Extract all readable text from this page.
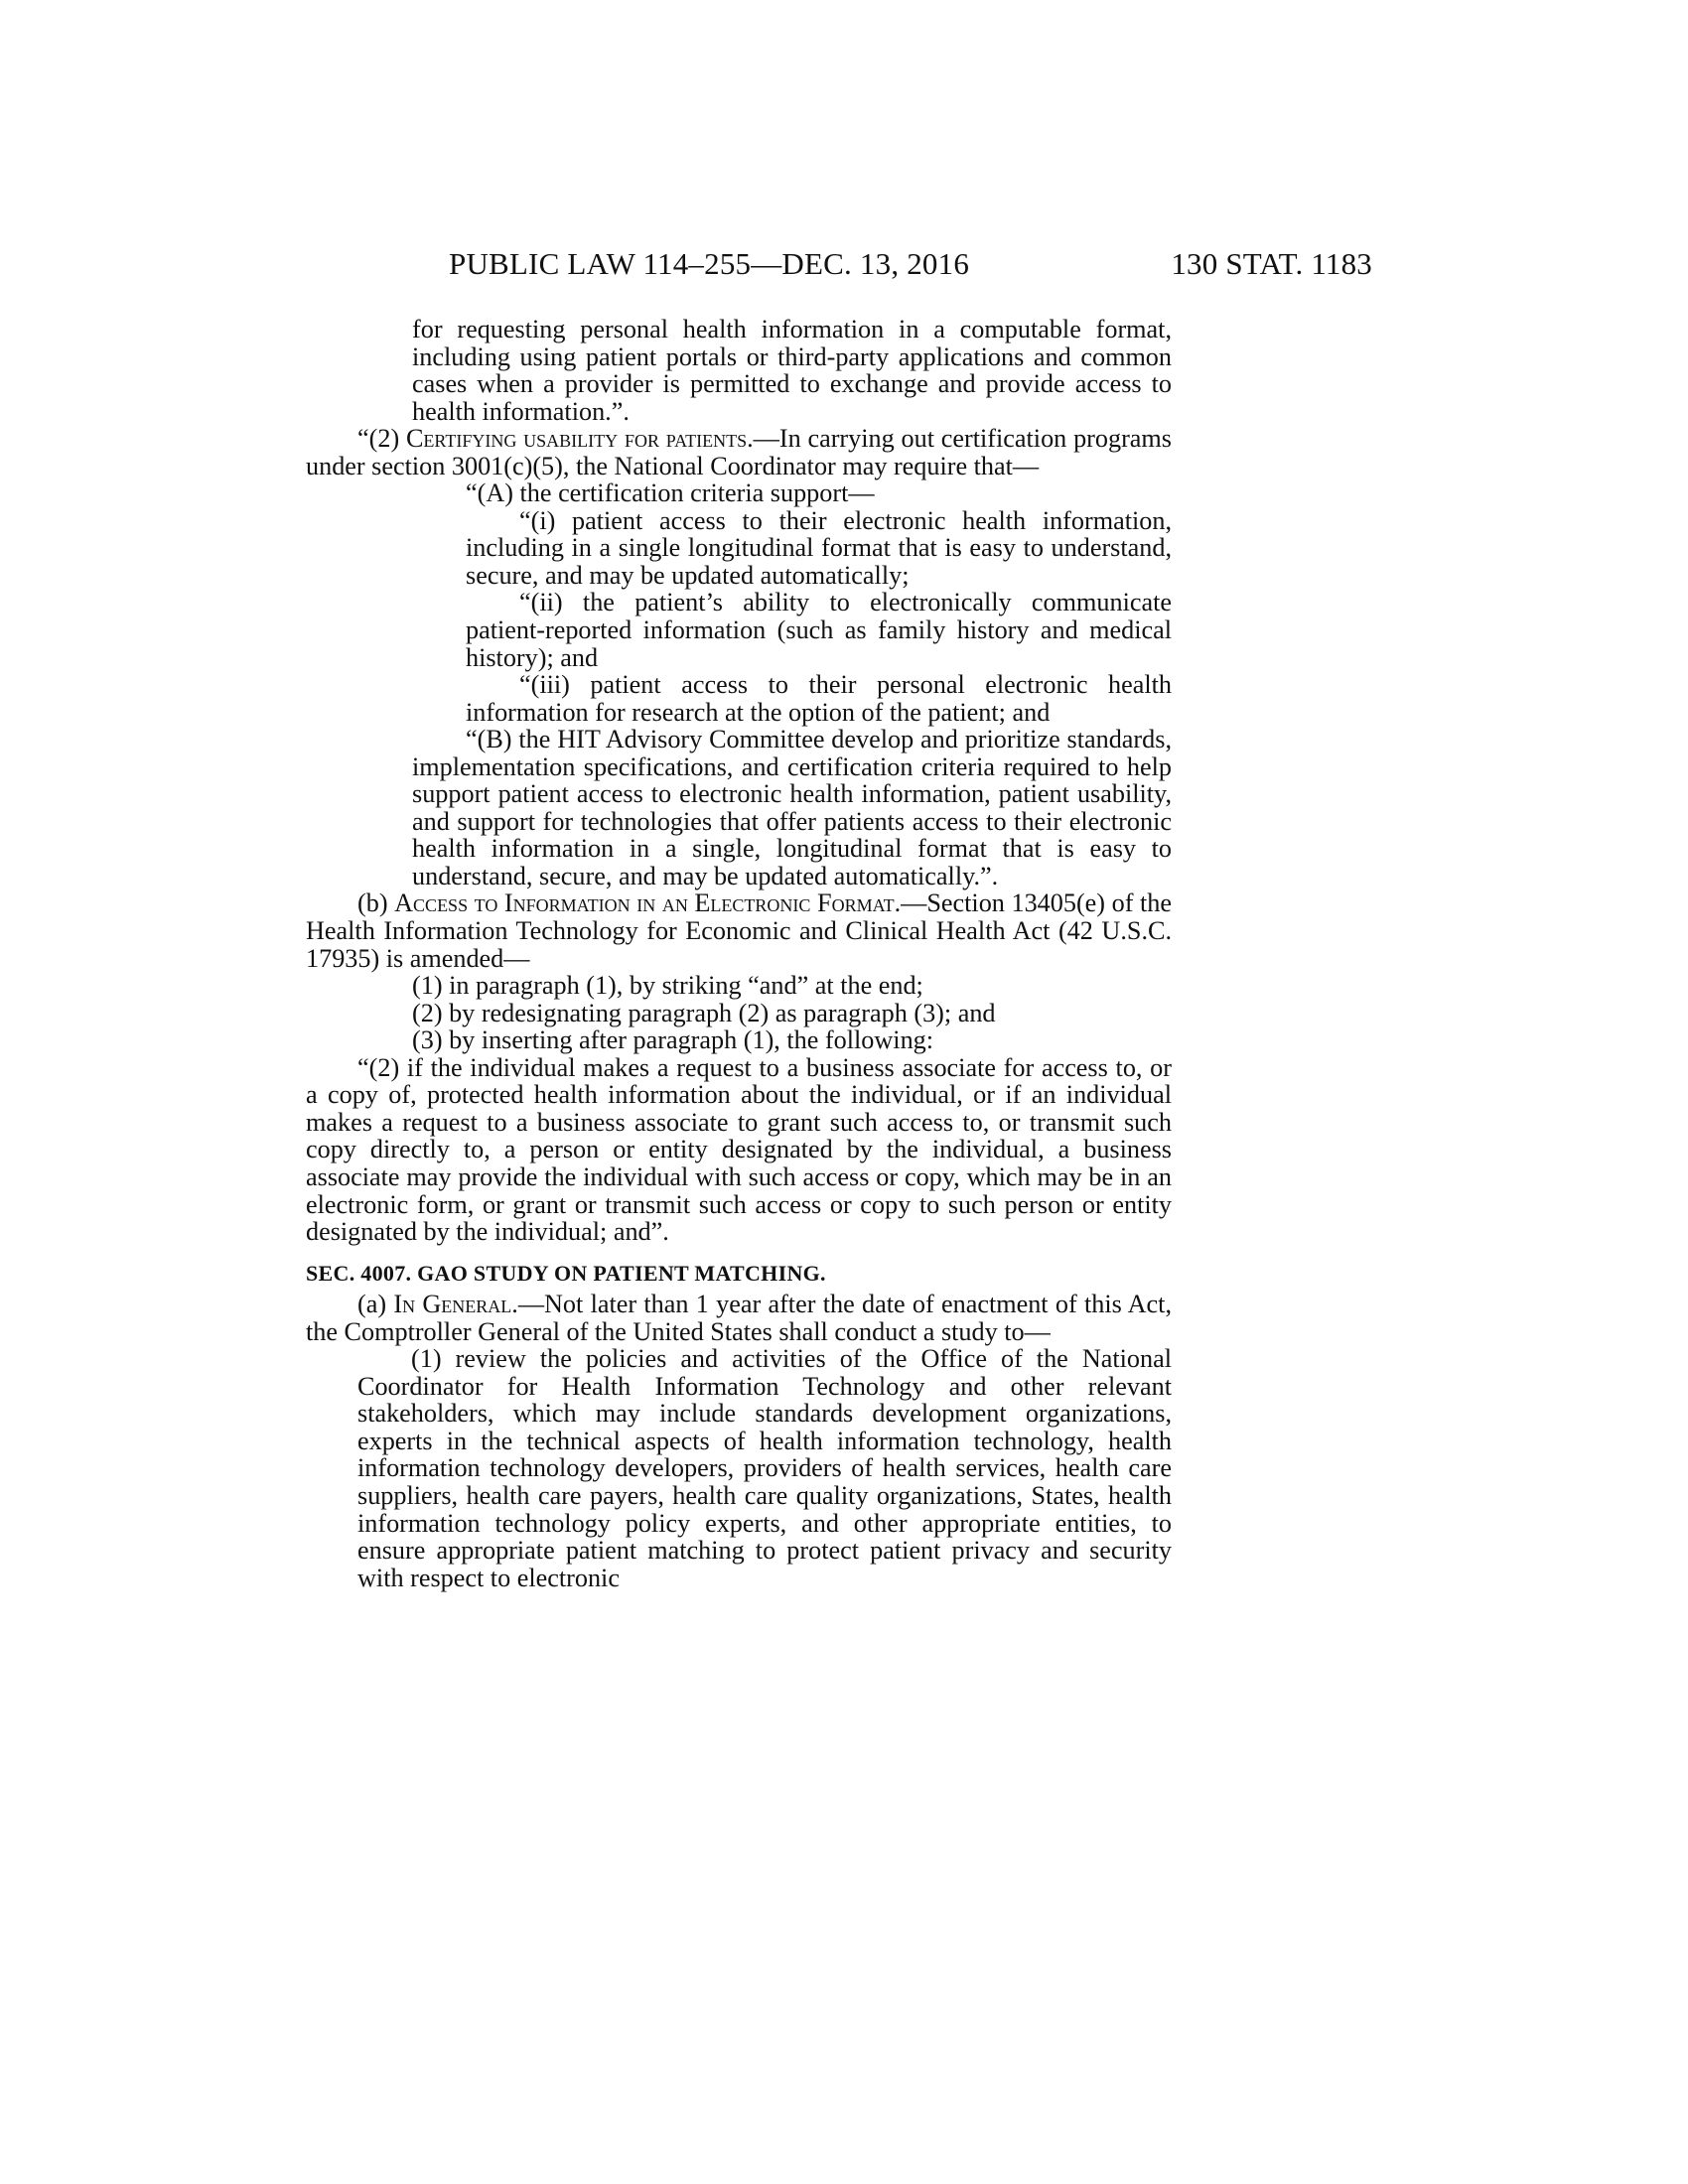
PUBLIC LAW 114–255—DEC. 13, 2016	130 STAT. 1183

for requesting personal health information in a computable format, including using patient portals or third-party applications and common cases when a provider is permitted to exchange and provide access to health information.”.

“(2) Certifying usability for patients.—In carrying out certification programs under section 3001(c)(5), the National Coordinator may require that—

“(A) the certification criteria support—

“(i) patient access to their electronic health information, including in a single longitudinal format that is easy to understand, secure, and may be updated automatically;

“(ii) the patient’s ability to electronically communicate patient-reported information (such as family history and medical history); and

“(iii) patient access to their personal electronic health information for research at the option of the patient; and

“(B) the HIT Advisory Committee develop and prioritize standards, implementation specifications, and certification criteria required to help support patient access to electronic health information, patient usability, and support for technologies that offer patients access to their electronic health information in a single, longitudinal format that is easy to understand, secure, and may be updated automatically.”.

(b) Access to Information in an Electronic Format.—Section 13405(e) of the Health Information Technology for Economic and Clinical Health Act (42 U.S.C. 17935) is amended—

(1) in paragraph (1), by striking “and” at the end;

(2) by redesignating paragraph (2) as paragraph (3); and

(3) by inserting after paragraph (1), the following:

“(2) if the individual makes a request to a business associate for access to, or a copy of, protected health information about the individual, or if an individual makes a request to a business associate to grant such access to, or transmit such copy directly to, a person or entity designated by the individual, a business associate may provide the individual with such access or copy, which may be in an electronic form, or grant or transmit such access or copy to such person or entity designated by the individual; and”.

SEC. 4007. GAO STUDY ON PATIENT MATCHING.

(a) In General.—Not later than 1 year after the date of enactment of this Act, the Comptroller General of the United States shall conduct a study to—

(1) review the policies and activities of the Office of the National Coordinator for Health Information Technology and other relevant stakeholders, which may include standards development organizations, experts in the technical aspects of health information technology, health information technology developers, providers of health services, health care suppliers, health care payers, health care quality organizations, States, health information technology policy experts, and other appropriate entities, to ensure appropriate patient matching to protect patient privacy and security with respect to electronic
